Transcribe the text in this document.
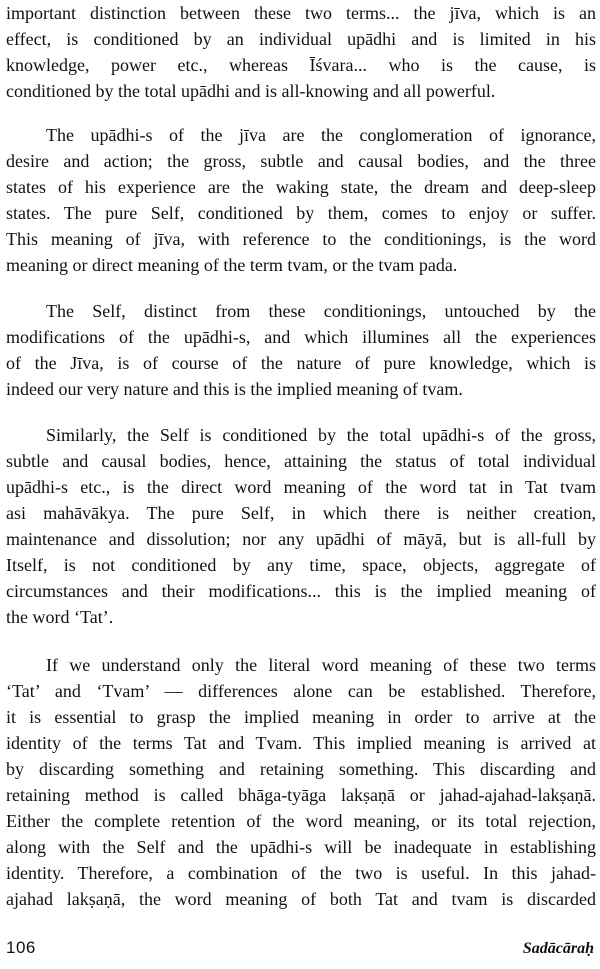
important distinction between these two terms... the jīva, which is an
effect, is conditioned by an individual upādhi and is limited in his
knowledge, power etc., whereas Īśvara... who is the cause, is
conditioned by the total upādhi and is all-knowing and all powerful.

The upādhi-s of the jīva are the conglomeration of ignorance,
desire and action; the gross, subtle and causal bodies, and the three
states of his experience are the waking state, the dream and deep-sleep
states. The pure Self, conditioned by them, comes to enjoy or suffer.
This meaning of jīva, with reference to the conditionings, is the word
meaning or direct meaning of the term tvam, or the tvam pada.

The Self, distinct from these conditionings, untouched by the
modifications of the upādhi-s, and which illumines all the experiences
of the Jīva, is of course of the nature of pure knowledge, which is
indeed our very nature and this is the implied meaning of tvam.

Similarly, the Self is conditioned by the total upādhi-s of the gross,
subtle and causal bodies, hence, attaining the status of total individual
upādhi-s etc., is the direct word meaning of the word tat in Tat tvam
asi mahāvākya. The pure Self, in which there is neither creation,
maintenance and dissolution; nor any upādhi of māyā, but is all-full by
Itself, is not conditioned by any time, space, objects, aggregate of
circumstances and their modifications... this is the implied meaning of
the word ‘Tat’.

If we understand only the literal word meaning of these two terms
‘Tat’ and ‘Tvam’ — differences alone can be established. Therefore,
it is essential to grasp the implied meaning in order to arrive at the
identity of the terms Tat and Tvam. This implied meaning is arrived at
by discarding something and retaining something. This discarding and
retaining method is called bhāga-tyāga lakṣaṇā or jahad-ajahad-lakṣaṇā.
Either the complete retention of the word meaning, or its total rejection,
along with the Self and the upādhi-s will be inadequate in establishing
identity. Therefore, a combination of the two is useful. In this jahad-
ajahad lakṣaṇā, the word meaning of both Tat and tvam is discarded

106	Sadācāraḥ
